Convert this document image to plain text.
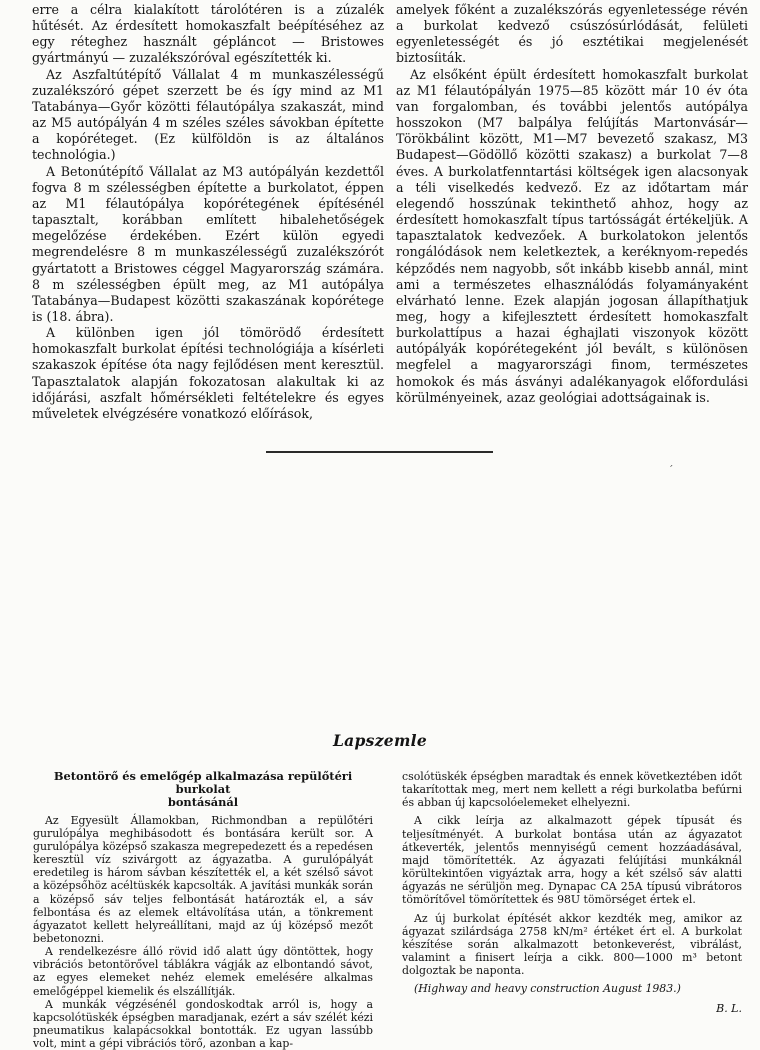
erre a célra kialakított tárolótéren is a zúzalék hűtését. Az érdesített homokaszfalt beépítéséhez az egy réteghez használt gépláncot — Bristowes gyártmányú — zuzalékszóróval egészítették ki.

Az Aszfaltútépítő Vállalat 4 m munkaszélességű zuzalékszóró gépet szerzett be és így mind az M1 Tatabánya—Győr közötti félautópálya szakaszát, mind az M5 autópályán 4 m széles széles sávokban építette a kopóréteget. (Ez külföldön is az általános technológia.)

A Betonútépítő Vállalat az M3 autópályán kezdettől fogva 8 m szélességben építette a burkolatot, éppen az M1 félautópálya kopórétegének építésénél tapasztalt, korábban említett hibalehetőségek megelőzése érdekében. Ezért külön egyedi megrendelésre 8 m munkaszélességű zuzalékszórót gyártatott a Bristowes céggel Magyarország számára. 8 m szélességben épült meg, az M1 autópálya Tatabánya—Budapest közötti szakaszának kopórétege is (18. ábra).

A különben igen jól tömörödő érdesített homokaszfalt burkolat építési technológiája a kísérleti szakaszok építése óta nagy fejlődésen ment keresztül. Tapasztalatok alapján fokozatosan alakultak ki az időjárási, aszfalt hőmérsékleti feltételekre és egyes műveletek elvégzésére vonatkozó előírások,

amelyek főként a zuzalékszórás egyenletessége révén a burkolat kedvező csúszósúrlódását, felületi egyenletességét és jó esztétikai megjelenését biztosíiták.

Az elsőként épült érdesített homokaszfalt burkolat az M1 félautópályán 1975—85 között már 10 év óta van forgalomban, és további jelentős autópálya hosszokon (M7 balpálya felújítás Martonvásár—Törökbálint között, M1—M7 bevezető szakasz, M3 Budapest—Gödöllő közötti szakasz) a burkolat 7—8 éves. A burkolatfenntartási költségek igen alacsonyak a téli viselkedés kedvező. Ez az időtartam már elegendő hosszúnak tekinthető ahhoz, hogy az érdesített homokaszfalt típus tartósságát értékeljük. A tapasztalatok kedvezőek. A burkolatokon jelentős rongálódások nem keletkeztek, a keréknyom-repedés képződés nem nagyobb, sőt inkább kisebb annál, mint ami a természetes elhasználódás folyamányaként elvárható lenne. Ezek alapján jogosan állapíthatjuk meg, hogy a kifejlesztett érdesített homokaszfalt burkolattípus a hazai éghajlati viszonyok között autópályák kopórétegeként jól bevált, s különösen megfelel a magyarországi finom, természetes homokok és más ásványi adalékanyagok előfordulási körülményeinek, azaz geológiai adottságainak is.

ˊ
Lapszemle
Betontörő és emelőgép alkalmazása repülőtéri burkolat
bontásánál

Az Egyesült Államokban, Richmondban a repülőtéri gurulópálya meghibásodott és bontására került sor. A gurulópálya középső szakasza megrepedezett és a repedésen keresztül víz szivárgott az ágyazatba. A gurulópályát eredetileg is három sávban készítették el, a két szélső sávot a középsőhöz acéltüskék kapcsolták. A javítási munkák során a középső sáv teljes felbontását határozták el, a sáv felbontása és az elemek eltávolítása után, a tönkrement ágyazatot kellett helyreállítani, majd az új középső mezőt bebetonozni.

A rendelkezésre álló rövid idő alatt úgy döntöttek, hogy vibrációs betontörővel táblákra vágják az elbontandó sávot, az egyes elemeket nehéz elemek emelésére alkalmas emelőgéppel kiemelik és elszállítják.

A munkák végzésénél gondoskodtak arról is, hogy a kapcsolótüskék épségben maradjanak, ezért a sáv szélét kézi pneumatikus kalapácsokkal bontották. Ez ugyan lassúbb volt, mint a gépi vibrációs törő, azonban a kap-

csolótüskék épségben maradtak és ennek következtében időt takarítottak meg, mert nem kellett a régi burkolatba befúrni és abban új kapcsolóelemeket elhelyezni.

A cikk leírja az alkalmazott gépek típusát és teljesítményét. A burkolat bontása után az ágyazatot átkeverték, jelentős mennyiségű cement hozzáadásával, majd tömörítették. Az ágyazati felújítási munkáknál körültekintően vigyáztak arra, hogy a két szélső sáv alatti ágyazás ne sérüljön meg. Dynapac CA 25A típusú vibrátoros tömörítővel tömörítettek és 98U tömörséget értek el.

Az új burkolat építését akkor kezdték meg, amikor az ágyazat szilárdsága 2758 kN/m² értéket ért el. A burkolat készítése során alkalmazott betonkeverést, vibrálást, valamint a finisert leírja a cikk. 800—1000 m³ betont dolgoztak be naponta.

(Highway and heavy construction August 1983.)

B. L.
